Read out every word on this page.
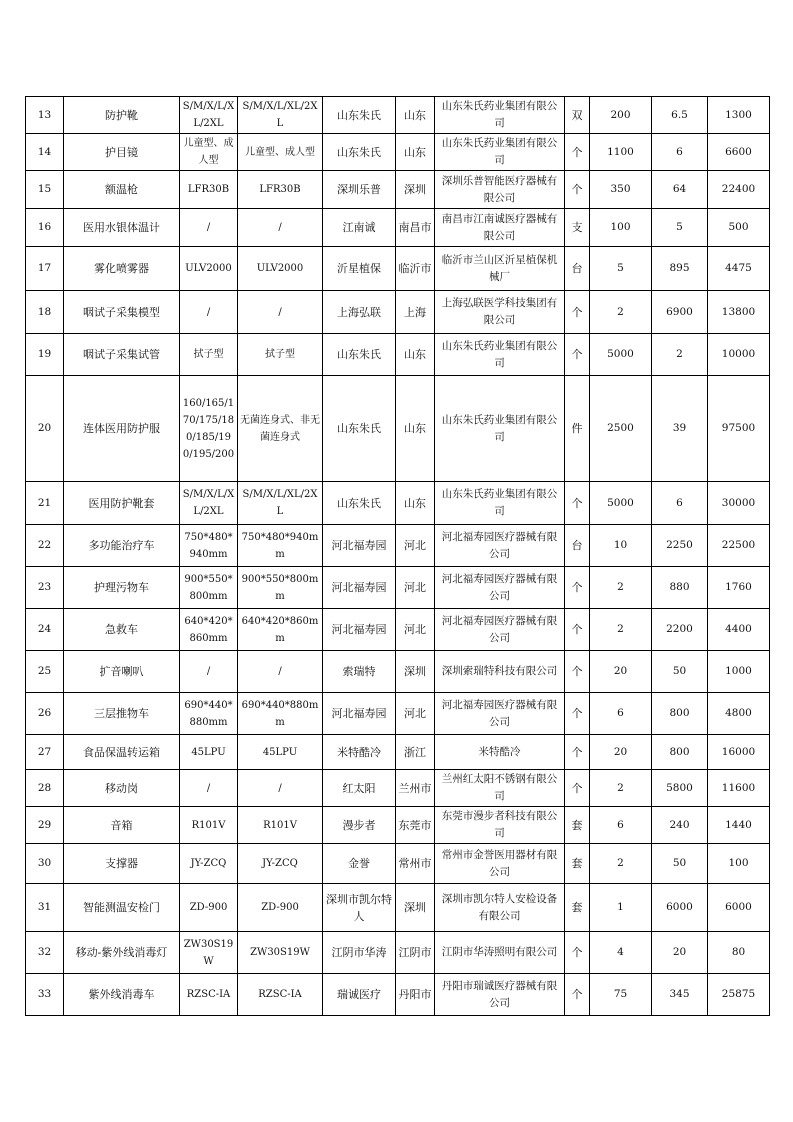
13	防护靴	S/M/X/L/XL/2XL	S/M/X/L/XL/2XL	山东朱氏	山东	山东朱氏药业集团有限公司	双	200	6.5	1300
14	护目镜	儿童型、成人型	儿童型、成人型	山东朱氏	山东	山东朱氏药业集团有限公司	个	1100	6	6600
15	额温枪	LFR30B	LFR30B	深圳乐普	深圳	深圳乐普智能医疗器械有限公司	个	350	64	22400
16	医用水银体温计	/	/	江南诚	南昌市	南昌市江南诚医疗器械有限公司	支	100	5	500
17	雾化喷雾器	ULV2000	ULV2000	沂星植保	临沂市	临沂市兰山区沂星植保机械厂	台	5	895	4475
18	咽试子采集模型	/	/	上海弘联	上海	上海弘联医学科技集团有限公司	个	2	6900	13800
19	咽试子采集试管	拭子型	拭子型	山东朱氏	山东	山东朱氏药业集团有限公司	个	5000	2	10000
20	连体医用防护服	160/165/170/175/180/185/190/195/200	无菌连身式、非无菌连身式	山东朱氏	山东	山东朱氏药业集团有限公司	件	2500	39	97500
21	医用防护靴套	S/M/X/L/XL/2XL	S/M/X/L/XL/2XL	山东朱氏	山东	山东朱氏药业集团有限公司	个	5000	6	30000
22	多功能治疗车	750*480*940mm	750*480*940mm	河北福寿园	河北	河北福寿园医疗器械有限公司	台	10	2250	22500
23	护理污物车	900*550*800mm	900*550*800mm	河北福寿园	河北	河北福寿园医疗器械有限公司	个	2	880	1760
24	急救车	640*420*860mm	640*420*860mm	河北福寿园	河北	河北福寿园医疗器械有限公司	个	2	2200	4400
25	扩音喇叭	/	/	索瑞特	深圳	深圳索瑞特科技有限公司	个	20	50	1000
26	三层推物车	690*440*880mm	690*440*880mm	河北福寿园	河北	河北福寿园医疗器械有限公司	个	6	800	4800
27	食品保温转运箱	45LPU	45LPU	米特酷冷	浙江	米特酷冷	个	20	800	16000
28	移动岗	/	/	红太阳	兰州市	兰州红太阳不锈钢有限公司	个	2	5800	11600
29	音箱	R101V	R101V	漫步者	东莞市	东莞市漫步者科技有限公司	套	6	240	1440
30	支撑器	JY-ZCQ	JY-ZCQ	金誉	常州市	常州市金誉医用器材有限公司	套	2	50	100
31	智能测温安检门	ZD-900	ZD-900	深圳市凯尔特人	深圳	深圳市凯尔特人安检设备有限公司	套	1	6000	6000
32	移动-紫外线消毒灯	ZW30S19W	ZW30S19W	江阴市华涛	江阴市	江阴市华涛照明有限公司	个	4	20	80
33	紫外线消毒车	RZSC-IA	RZSC-IA	瑞诚医疗	丹阳市	丹阳市瑞诚医疗器械有限公司	个	75	345	25875
